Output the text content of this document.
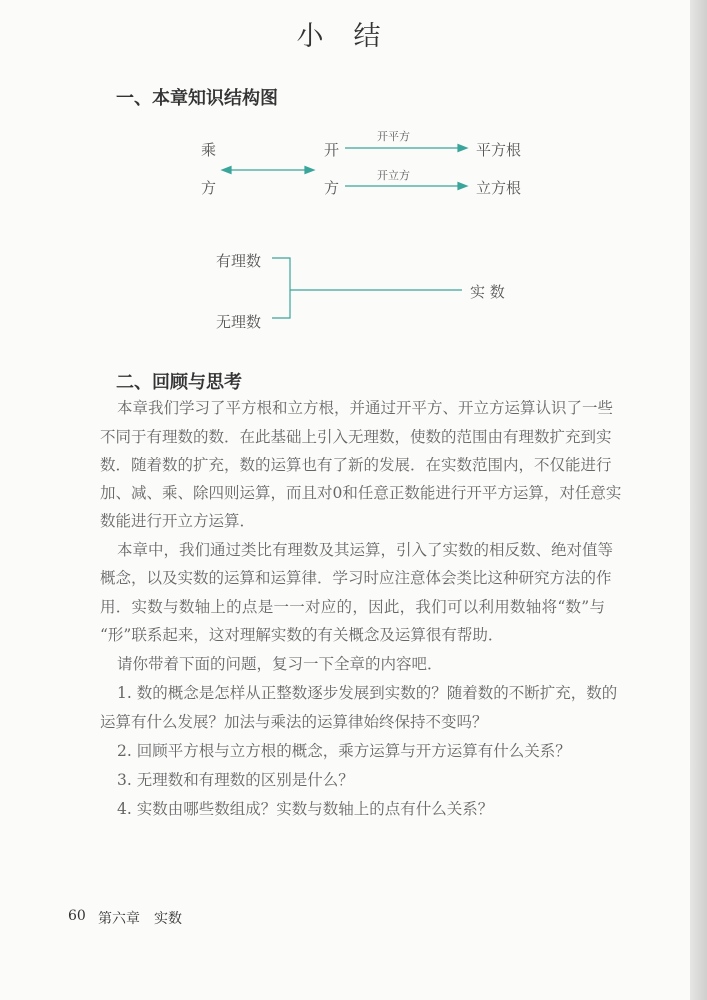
小结
一、本章知识结构图
乘
方
开
方
开平方
开立方
平方根
立方根
有理数
无理数
实 数
二、回顾与思考
本章我们学习了平方根和立方根，并通过开平方、开立方运算认识了一些
不同于有理数的数．在此基础上引入无理数，使数的范围由有理数扩充到实
数．随着数的扩充，数的运算也有了新的发展．在实数范围内，不仅能进行
加、减、乘、除四则运算，而且对0和任意正数能进行开平方运算，对任意实
数能进行开立方运算．
本章中，我们通过类比有理数及其运算，引入了实数的相反数、绝对值等
概念，以及实数的运算和运算律．学习时应注意体会类比这种研究方法的作
用．实数与数轴上的点是一一对应的，因此，我们可以利用数轴将“数”与
“形”联系起来，这对理解实数的有关概念及运算很有帮助．
请你带着下面的问题，复习一下全章的内容吧．
1. 数的概念是怎样从正整数逐步发展到实数的？随着数的不断扩充，数的
运算有什么发展？加法与乘法的运算律始终保持不变吗？
2. 回顾平方根与立方根的概念，乘方运算与开方运算有什么关系？
3. 无理数和有理数的区别是什么？
4. 实数由哪些数组成？实数与数轴上的点有什么关系？
60 第六章　实数
